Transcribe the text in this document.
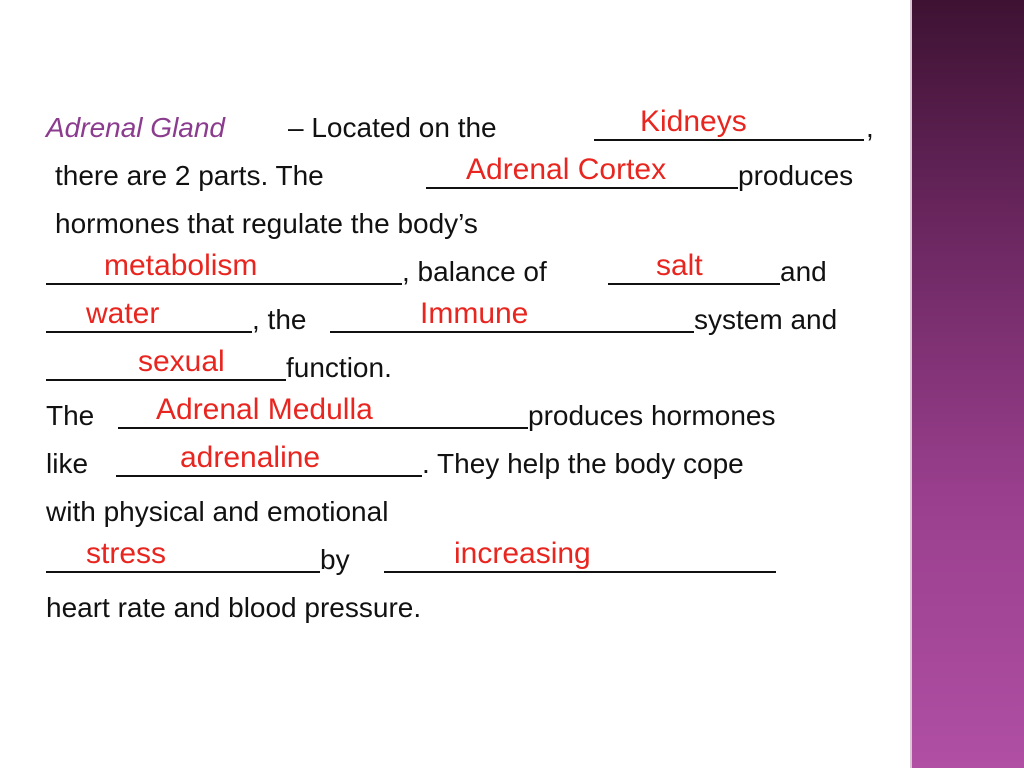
Adrenal Gland – Located on the	,
Kidneys
there are 2 parts. The	produces
Adrenal Cortex
hormones that regulate the body’s
metabolism	, balance of	salt	and
water	, the	Immune	system and
sexual function.
The Adrenal Medulla	produces hormones
like	adrenaline	. They help the body cope
with physical and emotional
stress	by	increasing
heart rate and blood pressure.
